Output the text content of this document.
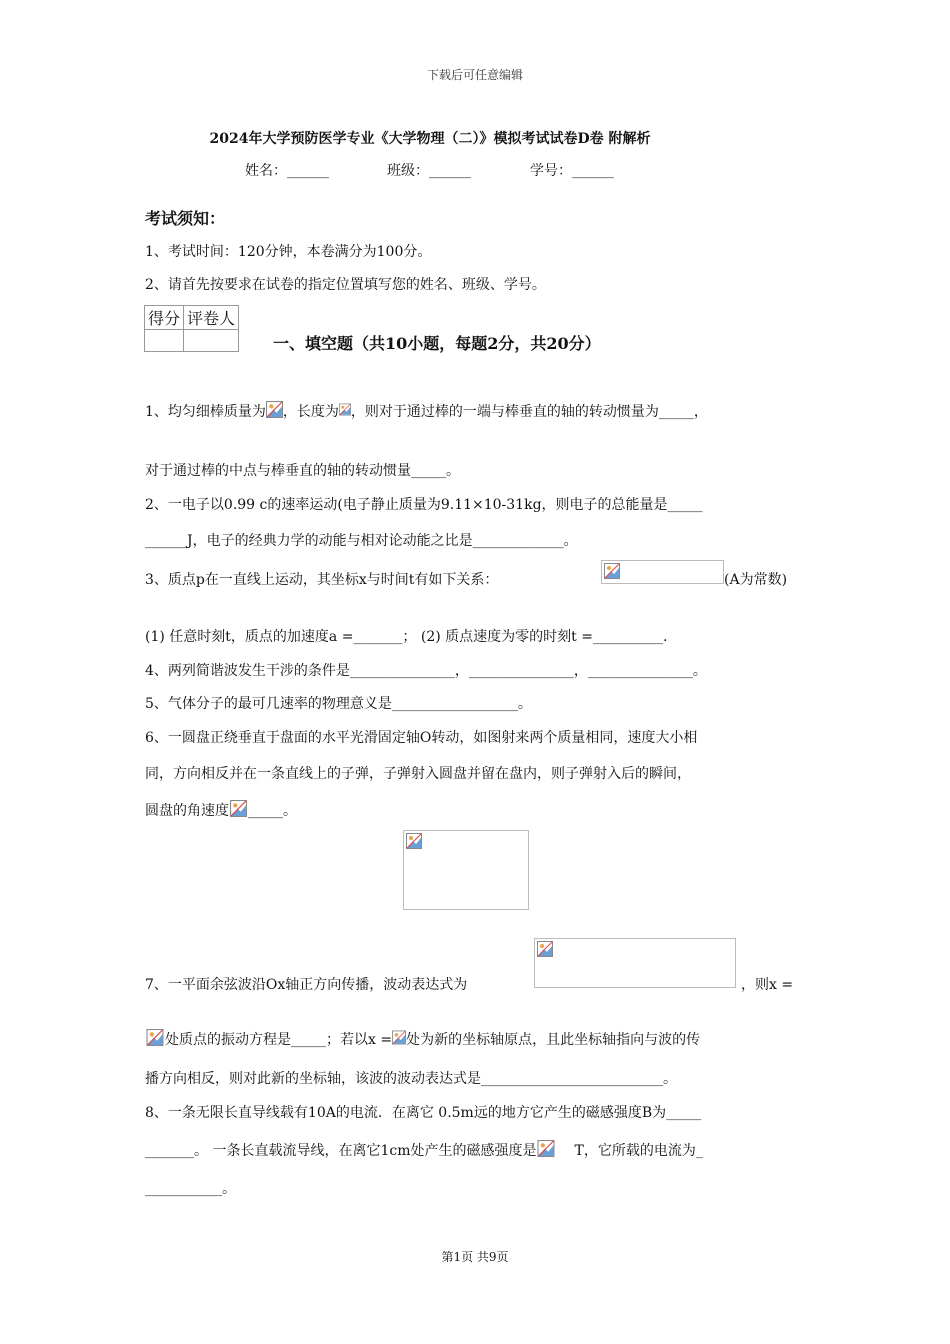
下载后可任意编辑
2024年大学预防医学专业《大学物理（二）》模拟考试试卷D卷 附解析
姓名：______	班级：______	学号：______
考试须知：
1、考试时间：120分钟，本卷满分为100分。
2、请首先按要求在试卷的指定位置填写您的姓名、班级、学号。
得分	评卷人

一、填空题（共10小题，每题2分，共20分）
1、均匀细棒质量为 ，长度为 ，则对于通过棒的一端与棒垂直的轴的转动惯量为_____，
对于通过棒的中点与棒垂直的轴的转动惯量_____。
2、一电子以0.99 c的速率运动(电子静止质量为9.11×10-31kg，则电子的总能量是_____
______J，电子的经典力学的动能与相对论动能之比是_____________。
3、质点p在一直线上运动，其坐标x与时间t有如下关系：	(A为常数)
(1) 任意时刻t，质点的加速度a =_______； (2) 质点速度为零的时刻t =__________.
4、两列简谐波发生干涉的条件是_______________，_______________，_______________。
5、气体分子的最可几速率的物理意义是__________________。
6、一圆盘正绕垂直于盘面的水平光滑固定轴O转动，如图射来两个质量相同，速度大小相
同，方向相反并在一条直线上的子弹，子弹射入圆盘并留在盘内，则子弹射入后的瞬间，
圆盘的角速度 _____。
7、一平面余弦波沿Ox轴正方向传播，波动表达式为	，则x =
处质点的振动方程是_____；若以x = 处为新的坐标轴原点，且此坐标轴指向与波的传
播方向相反，则对此新的坐标轴，该波的波动表达式是__________________________。
8、一条无限长直导线载有10A的电流．在离它 0.5m远的地方它产生的磁感强度B为_____
_______。 一条长直载流导线，在离它1cm处产生的磁感强度是	T，它所载的电流为_
___________。
第1页 共9页
